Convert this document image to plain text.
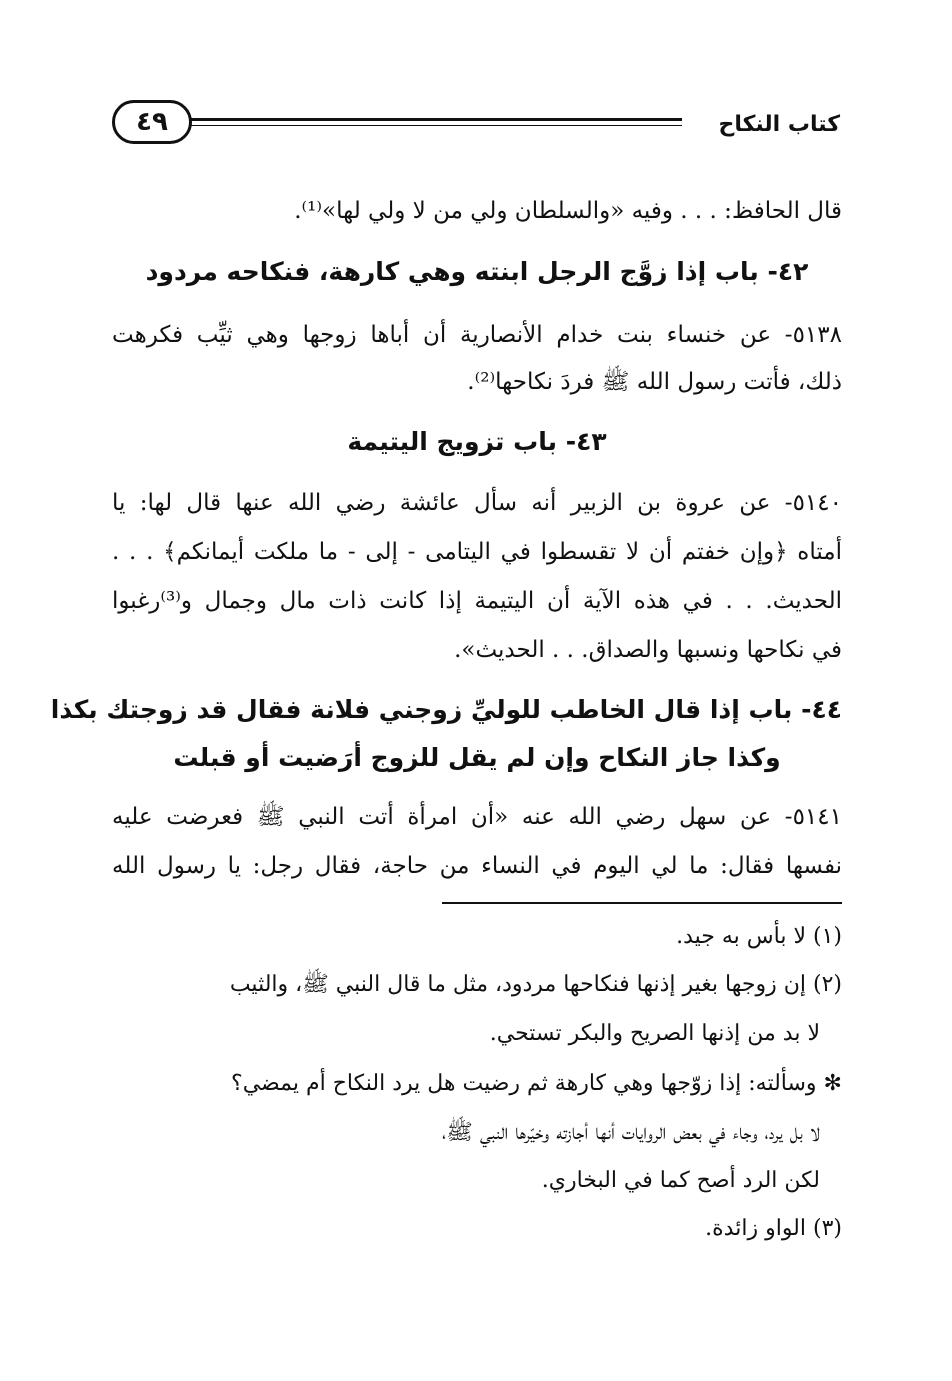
كتاب النكاح
٤٩
قال الحافظ: . . . وفيه «والسلطان ولي من لا ولي لها»⁽¹⁾.
٤٢- باب إذا زوَّج الرجل ابنته وهي كارهة، فنكاحه مردود
٥١٣٨- عن خنساء بنت خدام الأنصارية أن أباها زوجها وهي ثيِّب فكرهت
ذلك، فأتت رسول الله ﷺ فردَ نكاحها⁽²⁾.
٤٣- باب تزويج اليتيمة
٥١٤٠- عن عروة بن الزبير أنه سأل عائشة رضي الله عنها قال لها: يا
أمتاه ﴿وإن خفتم أن لا تقسطوا في اليتامى - إلى - ما ملكت أيمانكم﴾ . . .
الحديث. . . في هذه الآية أن اليتيمة إذا كانت ذات مال وجمال و⁽³⁾رغبوا
في نكاحها ونسبها والصداق. . . الحديث».
٤٤- باب إذا قال الخاطب للوليِّ زوجني فلانة فقال قد زوجتك بكذا
وكذا جاز النكاح وإن لم يقل للزوج أرَضيت أو قبلت
٥١٤١- عن سهل رضي الله عنه «أن امرأة أتت النبي ﷺ فعرضت عليه
نفسها فقال: ما لي اليوم في النساء من حاجة، فقال رجل: يا رسول الله
(١) لا بأس به جيد.
(٢) إن زوجها بغير إذنها فنكاحها مردود، مثل ما قال النبي ﷺ، والثيب
لا بد من إذنها الصريح والبكر تستحي.
✻ وسألته: إذا زوّجها وهي كارهة ثم رضيت هل يرد النكاح أم يمضي؟
لا بل يرد، وجاء في بعض الروايات أنها أجازته وخيّرها النبي ﷺ،
لكن الرد أصح كما في البخاري.
(٣) الواو زائدة.
